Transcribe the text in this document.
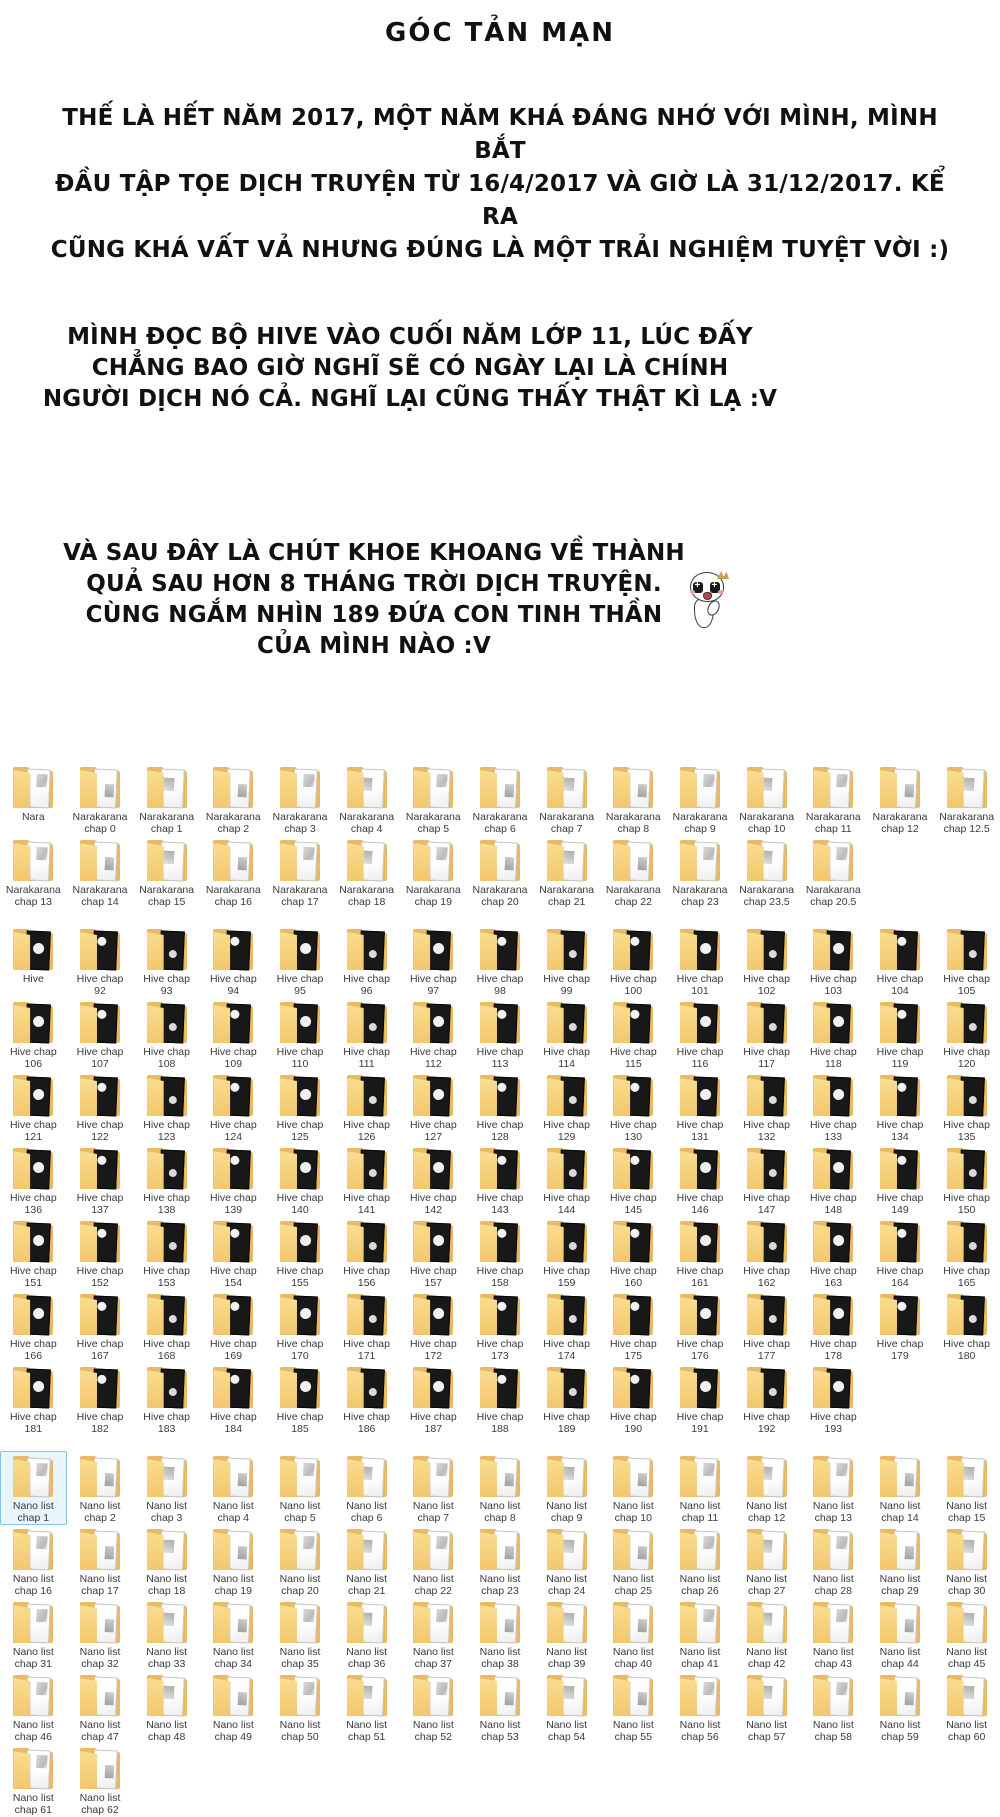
GÓC TẢN MẠN
THẾ LÀ HẾT NĂM 2017, MỘT NĂM KHÁ ĐÁNG NHỚ VỚI MÌNH, MÌNH BẮT
ĐẦU TẬP TỌE DỊCH TRUYỆN TỪ 16/4/2017 VÀ GIỜ LÀ 31/12/2017. KỂ RA
CŨNG KHÁ VẤT VẢ NHƯNG ĐÚNG LÀ MỘT TRẢI NGHIỆM TUYỆT VỜI :)
MÌNH ĐỌC BỘ HIVE VÀO CUỐI NĂM LỚP 11, LÚC ĐẤY
CHẲNG BAO GIỜ NGHĨ SẼ CÓ NGÀY LẠI LÀ CHÍNH
NGƯỜI DỊCH NÓ CẢ. NGHĨ LẠI CŨNG THẤY THẬT KÌ LẠ :V
VÀ SAU ĐÂY LÀ CHÚT KHOE KHOANG VỀ THÀNH
QUẢ SAU HƠN 8 THÁNG TRỜI DỊCH TRUYỆN.
CÙNG NGẮM NHÌN 189 ĐỨA CON TINH THẦN
CỦA MÌNH NÀO :V
+
+
Nara	Narakarana
chap 0
Narakarana
chap 1
Narakarana
chap 2
Narakarana
chap 3
Narakarana
chap 4
Narakarana
chap 5
Narakarana
chap 6
Narakarana
chap 7
Narakarana
chap 8
Narakarana
chap 9
Narakarana
chap 10
Narakarana
chap 11
Narakarana
chap 12
Narakarana
chap 12.5
Narakarana
chap 13
Narakarana
chap 14
Narakarana
chap 15
Narakarana
chap 16
Narakarana
chap 17
Narakarana
chap 18
Narakarana
chap 19
Narakarana
chap 20
Narakarana
chap 21
Narakarana
chap 22
Narakarana
chap 23
Narakarana
chap 23.5
Narakarana
chap 20.5
Hive	Hive chap
92
Hive chap
93
Hive chap
94
Hive chap
95
Hive chap
96
Hive chap
97
Hive chap
98
Hive chap
99
Hive chap
100
Hive chap
101
Hive chap
102
Hive chap
103
Hive chap
104
Hive chap
105
Hive chap
106
Hive chap
107
Hive chap
108
Hive chap
109
Hive chap
110
Hive chap
111
Hive chap
112
Hive chap
113
Hive chap
114
Hive chap
115
Hive chap
116
Hive chap
117
Hive chap
118
Hive chap
119
Hive chap
120
Hive chap
121
Hive chap
122
Hive chap
123
Hive chap
124
Hive chap
125
Hive chap
126
Hive chap
127
Hive chap
128
Hive chap
129
Hive chap
130
Hive chap
131
Hive chap
132
Hive chap
133
Hive chap
134
Hive chap
135
Hive chap
136
Hive chap
137
Hive chap
138
Hive chap
139
Hive chap
140
Hive chap
141
Hive chap
142
Hive chap
143
Hive chap
144
Hive chap
145
Hive chap
146
Hive chap
147
Hive chap
148
Hive chap
149
Hive chap
150
Hive chap
151
Hive chap
152
Hive chap
153
Hive chap
154
Hive chap
155
Hive chap
156
Hive chap
157
Hive chap
158
Hive chap
159
Hive chap
160
Hive chap
161
Hive chap
162
Hive chap
163
Hive chap
164
Hive chap
165
Hive chap
166
Hive chap
167
Hive chap
168
Hive chap
169
Hive chap
170
Hive chap
171
Hive chap
172
Hive chap
173
Hive chap
174
Hive chap
175
Hive chap
176
Hive chap
177
Hive chap
178
Hive chap
179
Hive chap
180
Hive chap
181
Hive chap
182
Hive chap
183
Hive chap
184
Hive chap
185
Hive chap
186
Hive chap
187
Hive chap
188
Hive chap
189
Hive chap
190
Hive chap
191
Hive chap
192
Hive chap
193
Nano list
chap 1
Nano list
chap 2
Nano list
chap 3
Nano list
chap 4
Nano list
chap 5
Nano list
chap 6
Nano list
chap 7
Nano list
chap 8
Nano list
chap 9
Nano list
chap 10
Nano list
chap 11
Nano list
chap 12
Nano list
chap 13
Nano list
chap 14
Nano list
chap 15
Nano list
chap 16
Nano list
chap 17
Nano list
chap 18
Nano list
chap 19
Nano list
chap 20
Nano list
chap 21
Nano list
chap 22
Nano list
chap 23
Nano list
chap 24
Nano list
chap 25
Nano list
chap 26
Nano list
chap 27
Nano list
chap 28
Nano list
chap 29
Nano list
chap 30
Nano list
chap 31
Nano list
chap 32
Nano list
chap 33
Nano list
chap 34
Nano list
chap 35
Nano list
chap 36
Nano list
chap 37
Nano list
chap 38
Nano list
chap 39
Nano list
chap 40
Nano list
chap 41
Nano list
chap 42
Nano list
chap 43
Nano list
chap 44
Nano list
chap 45
Nano list
chap 46
Nano list
chap 47
Nano list
chap 48
Nano list
chap 49
Nano list
chap 50
Nano list
chap 51
Nano list
chap 52
Nano list
chap 53
Nano list
chap 54
Nano list
chap 55
Nano list
chap 56
Nano list
chap 57
Nano list
chap 58
Nano list
chap 59
Nano list
chap 60
Nano list
chap 61
Nano list
chap 62
